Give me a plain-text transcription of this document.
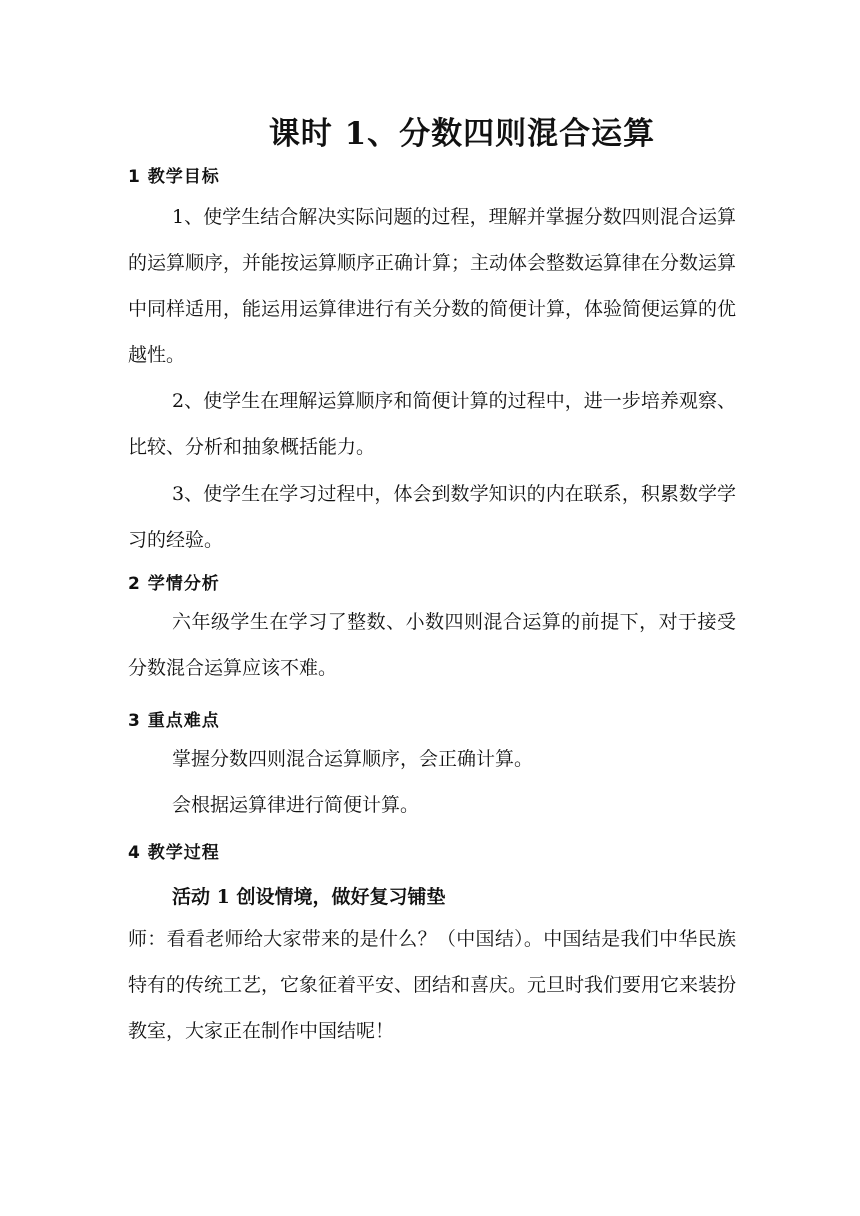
课时 1、分数四则混合运算
1 教学目标

1、使学生结合解决实际问题的过程，理解并掌握分数四则混合运算的运算顺序，并能按运算顺序正确计算；主动体会整数运算律在分数运算中同样适用，能运用运算律进行有关分数的简便计算，体验简便运算的优越性。

2、使学生在理解运算顺序和简便计算的过程中，进一步培养观察、比较、分析和抽象概括能力。

3、使学生在学习过程中，体会到数学知识的内在联系，积累数学学习的经验。

2 学情分析

六年级学生在学习了整数、小数四则混合运算的前提下，对于接受分数混合运算应该不难。

3 重点难点

掌握分数四则混合运算顺序，会正确计算。

会根据运算律进行简便计算。

4 教学过程
活动 1 创设情境，做好复习铺垫

师：看看老师给大家带来的是什么？（中国结）。中国结是我们中华民族特有的传统工艺，它象征着平安、团结和喜庆。元旦时我们要用它来装扮教室，大家正在制作中国结呢！
